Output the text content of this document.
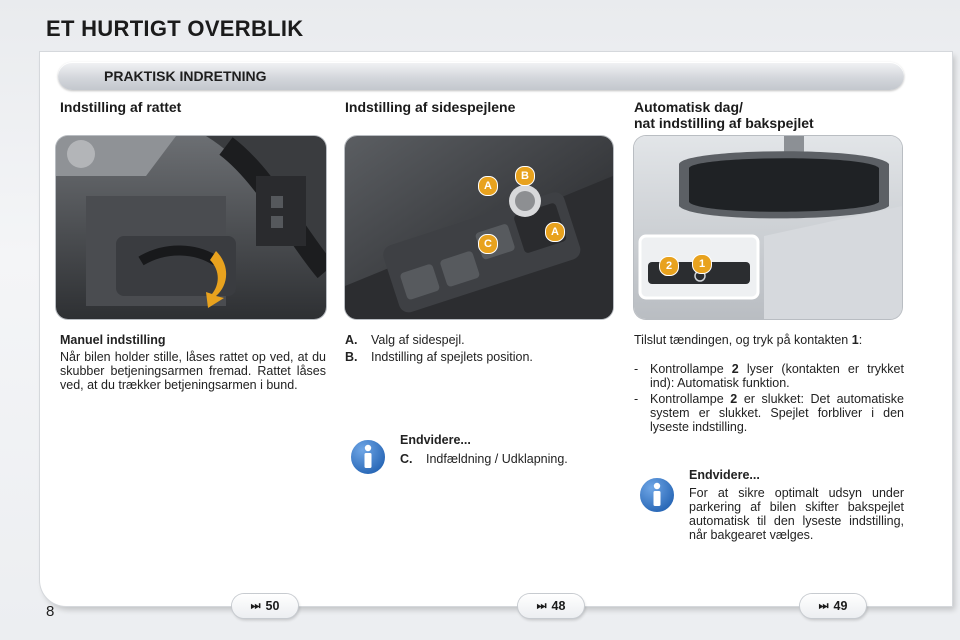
ET HURTIGT OVERBLIK
PRAKTISK INDRETNING
Indstilling af rattet	Indstilling af sidespejlene	Automatisk dag/
nat indstilling af bakspejlet
A
B
C
A
2	1
Manuel indstilling
Når bilen holder stille, låses rattet op ved, at du skubber betjeningsarmen fremad. Rattet låses ved, at du trækker betjeningsarmen i bund.
A.	Valg af sidespejl.
B.	Indstilling af spejlets position.
Endvidere...
C.	Indfældning / Udklapning.
Tilslut tændingen, og tryk på kontakten 1:
- Kontrollampe 2 lyser (kontakten er trykket ind): Automatisk funktion.
- Kontrollampe 2 er slukket: Det automatiske system er slukket. Spejlet forbliver i den lyseste indstilling.
Endvidere...
For at sikre optimalt udsyn under parkering af bilen skifter bakspejlet automatisk til den lyseste indstilling, når bakgearet vælges.
⏭ 50	⏭ 48	⏭ 49
8
